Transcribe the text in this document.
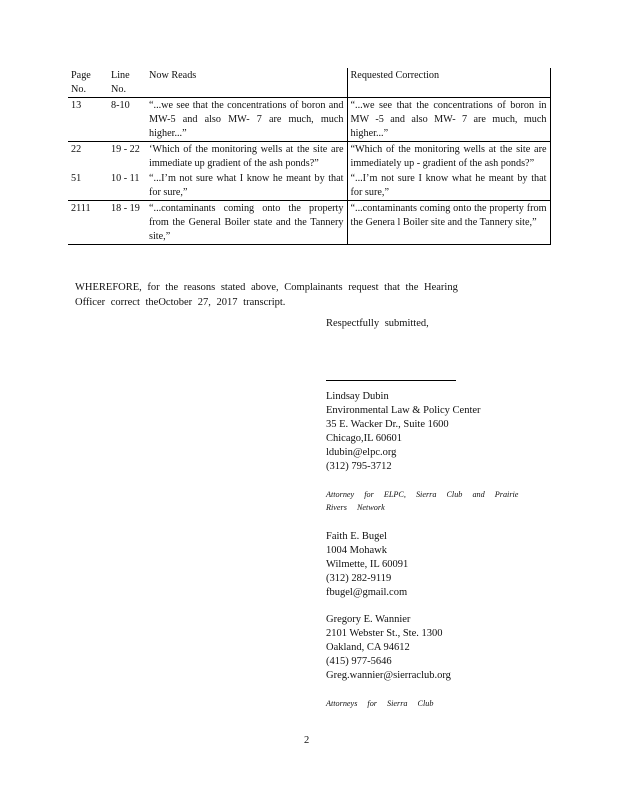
Page No.	Line No.	Now Reads	Requested Correction
13	8-10	“...we see that the concentrations of boron and MW-5 and also MW- 7 are much, much higher...”	“...we see that the concentrations of boron in MW -5 and also MW- 7 are much, much higher...”
22	19 - 22	‘Which of the monitoring wells at the site are immediate up gradient of the ash ponds?”	“Which of the monitoring wells at the site are immediately up - gradient of the ash ponds?”
51	10 - 11	“...I’m not sure what I know he meant by that for sure,”	“...I’m not sure I know what he meant by that for sure,”
2111	18 - 19	“...contaminants coming onto the property from the General Boiler state and the Tannery site,”	“...contaminants coming onto the property from the Genera l Boiler site and the Tannery site,”
WHEREFORE, for the reasons stated above, Complainants request that the Hearing Officer correct theOctober 27, 2017 transcript.
Respectfully submitted,
Lindsay Dubin
Environmental Law & Policy Center
35 E. Wacker Dr., Suite 1600
Chicago,IL 60601
ldubin@elpc.org
(312) 795-3712
Attorney for ELPC, Sierra Club and Prairie Rivers Network
Faith E. Bugel
1004 Mohawk
Wilmette, IL 60091
(312) 282-9119
fbugel@gmail.com
Gregory E. Wannier
2101 Webster St., Ste. 1300
Oakland, CA 94612
(415) 977-5646
Greg.wannier@sierraclub.org
Attorneys for Sierra Club
2
